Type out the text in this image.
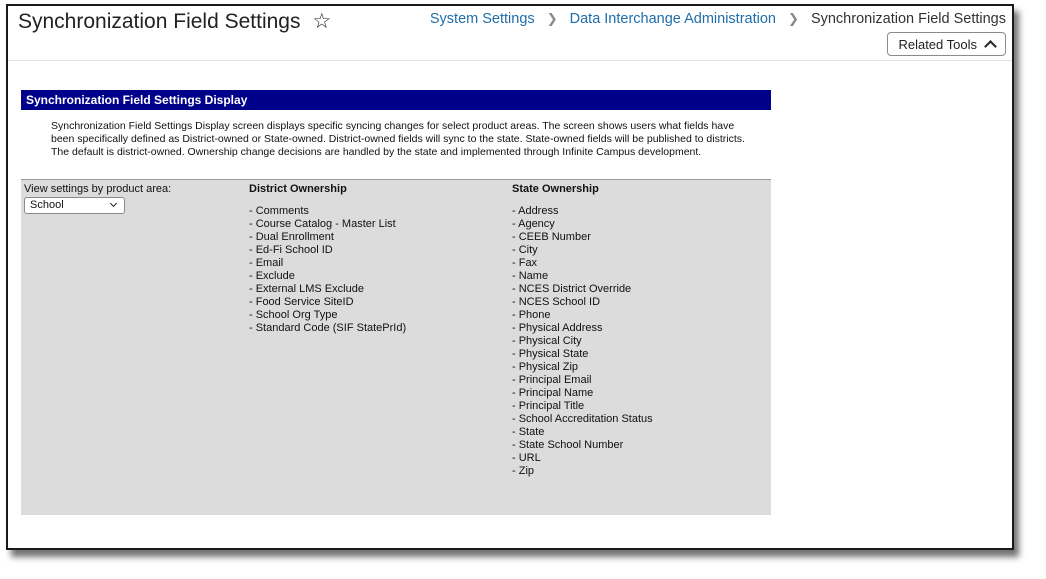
Synchronization Field Settings ☆	System Settings ❯ Data Interchange Administration ❯ Synchronization Field Settings
Related Tools
Synchronization Field Settings Display
Synchronization Field Settings Display screen displays specific syncing changes for select product areas. The screen shows users what fields have been specifically defined as District-owned or State-owned. District-owned fields will sync to the state. State-owned fields will be published to districts. The default is district-owned. Ownership change decisions are handled by the state and implemented through Infinite Campus development.
View settings by product area:
School
District Ownership
- Comments
- Course Catalog - Master List
- Dual Enrollment
- Ed-Fi School ID
- Email
- Exclude
- External LMS Exclude
- Food Service SiteID
- School Org Type
- Standard Code (SIF StatePrId)
State Ownership
- Address
- Agency
- CEEB Number
- City
- Fax
- Name
- NCES District Override
- NCES School ID
- Phone
- Physical Address
- Physical City
- Physical State
- Physical Zip
- Principal Email
- Principal Name
- Principal Title
- School Accreditation Status
- State
- State School Number
- URL
- Zip
